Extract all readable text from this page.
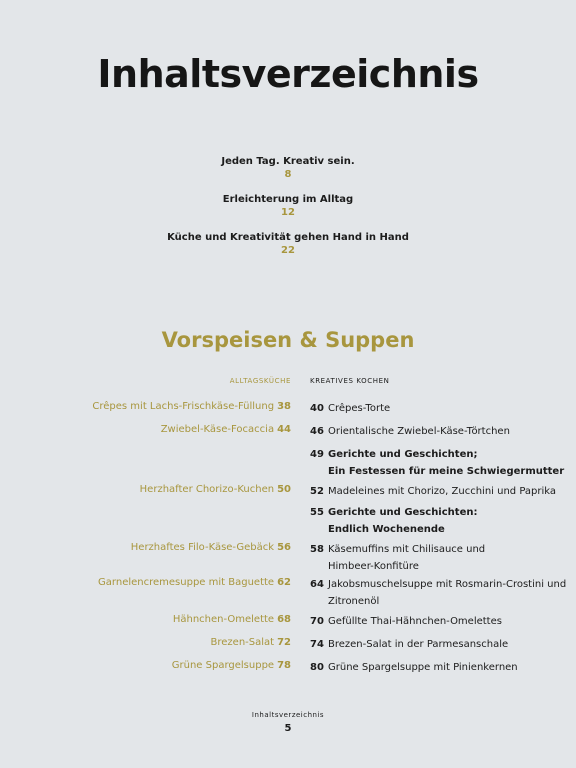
Inhaltsverzeichnis
Jeden Tag. Kreativ sein.
8
Erleichterung im Alltag
12
Küche und Kreativität gehen Hand in Hand
22
Vorspeisen & Suppen
ALLTAGSKÜCHE	KREATIVES KOCHEN
Crêpes mit Lachs-Frischkäse-Füllung 38 40 Crêpes-Torte
Zwiebel-Käse-Focaccia 44 46 Orientalische Zwiebel-Käse-Törtchen
49 Gerichte und Geschichten;
Ein Festessen für meine Schwiegermutter
Herzhafter Chorizo-Kuchen 50 52 Madeleines mit Chorizo, Zucchini und Paprika
55 Gerichte und Geschichten:
Endlich Wochenende
Herzhaftes Filo-Käse-Gebäck 56 58 Käsemuffins mit Chilisauce und
Himbeer-Konfitüre
Garnelencremesuppe mit Baguette 62 64 Jakobsmuschelsuppe mit Rosmarin-Crostini und
Zitronenöl
Hähnchen-Omelette 68 70 Gefüllte Thai-Hähnchen-Omelettes
Brezen-Salat 72 74 Brezen-Salat in der Parmesanschale
Grüne Spargelsuppe 78 80 Grüne Spargelsuppe mit Pinienkernen
Inhaltsverzeichnis
5
